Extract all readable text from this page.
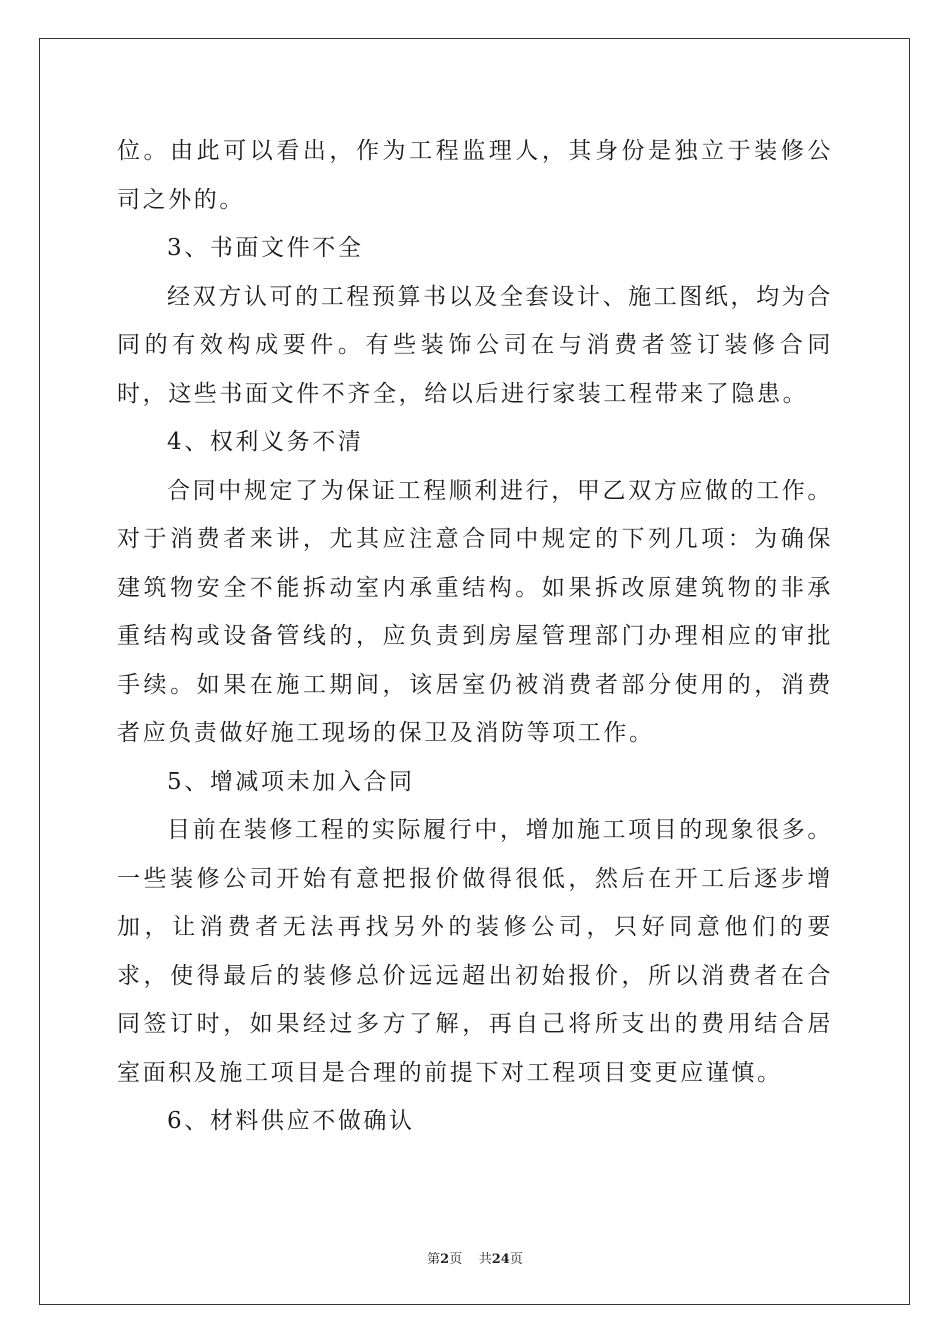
位。由此可以看出，作为工程监理人，其身份是独立于装修公司之外的。

3、书面文件不全

经双方认可的工程预算书以及全套设计、施工图纸，均为合同的有效构成要件。有些装饰公司在与消费者签订装修合同时，这些书面文件不齐全，给以后进行家装工程带来了隐患。

4、权利义务不清

合同中规定了为保证工程顺利进行，甲乙双方应做的工作。对于消费者来讲，尤其应注意合同中规定的下列几项：为确保建筑物安全不能拆动室内承重结构。如果拆改原建筑物的非承重结构或设备管线的，应负责到房屋管理部门办理相应的审批手续。如果在施工期间，该居室仍被消费者部分使用的，消费者应负责做好施工现场的保卫及消防等项工作。

5、增减项未加入合同

目前在装修工程的实际履行中，增加施工项目的现象很多。一些装修公司开始有意把报价做得很低，然后在开工后逐步增加，让消费者无法再找另外的装修公司，只好同意他们的要求，使得最后的装修总价远远超出初始报价，所以消费者在合同签订时，如果经过多方了解，再自己将所支出的费用结合居室面积及施工项目是合理的前提下对工程项目变更应谨慎。

6、材料供应不做确认

第2页 共24页
